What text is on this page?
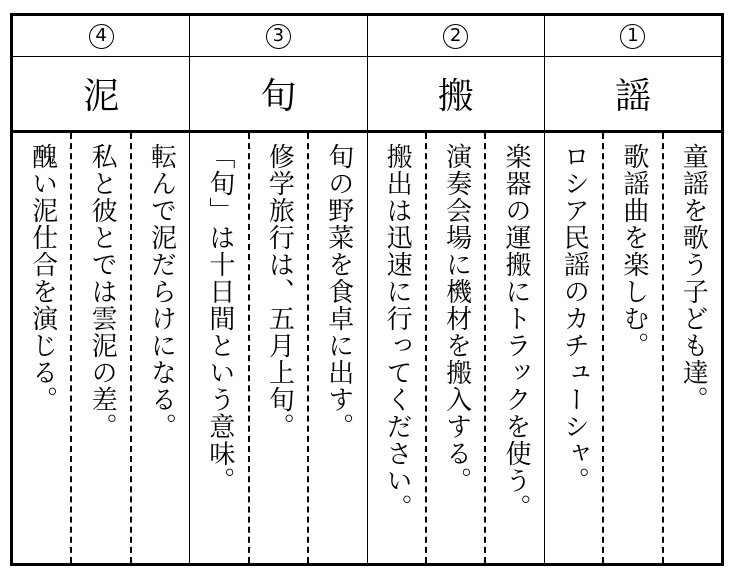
4
泥
転んで泥だらけになる。
私と彼とでは雲泥の差。
醜い泥仕合を演じる。
3
旬
旬の野菜を食卓に出す。
修学旅行は、五月上旬。
「旬」は十日間という意味。
2
搬
楽器の運搬にトラックを使う。
演奏会場に機材を搬入する。
搬出は迅速に行ってください。
1
謡
童謡を歌う子ども達。
歌謡曲を楽しむ。
ロシア民謡のカチューシャ。
